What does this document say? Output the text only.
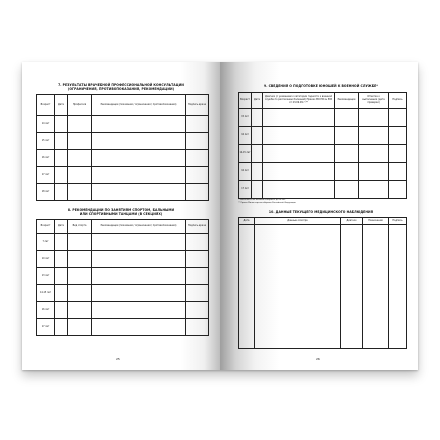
7. РЕЗУЛЬТАТЫ ВРАЧЕБНОЙ ПРОФЕССИОНАЛЬНОЙ КОНСУЛЬТАЦИИ
(ОГРАНИЧЕНИЯ, ПРОТИВОПОКАЗАНИЯ, РЕКОМЕНДАЦИИ)
Возраст	Дата	Профессия	Рекомендации (показания / ограничения / противопоказания)	Подпись врача
14 лет				
15 лет				
16 лет				
17 лет				
18 лет				
8. РЕКОМЕНДАЦИИ ПО ЗАНЯТИЯМ СПОРТОМ, БАЛЬНЫМИ
ИЛИ СПОРТИВНЫМИ ТАНЦАМИ (В СЕКЦИЯХ)
Возраст	Дата	Вид спорта	Рекомендации (показания / ограничения / противопоказания)	Подпись врача
7 лет				
10 лет				
13 лет				
14-15 лет				
16 лет				
17 лет				
25
9. СВЕДЕНИЯ О ПОДГОТОВКЕ ЮНОШЕЙ К ВОЕННОЙ СЛУЖБЕ*
Возраст	Дата	Диагноз (с указанием к категории годности к военной службе по расписанию болезней) Приказ МО РФ № 565 от 23.09.09 г.**	Рекомендации	Отметка о выполнении (дата проверки)	Подпись
15 лет					
16 лет					
14-15 лет					
16 лет					
17 лет					
* Заполняется на юношей в возрасте до 18 лет
** Приказ Министерства обороны Российской Федерации
10. ДАННЫЕ ТЕКУЩЕГО МЕДИЦИНСКОГО НАБЛЮДЕНИЯ
Дата	Данные осмотра	Диагноз	Назначения	Подпись

26
